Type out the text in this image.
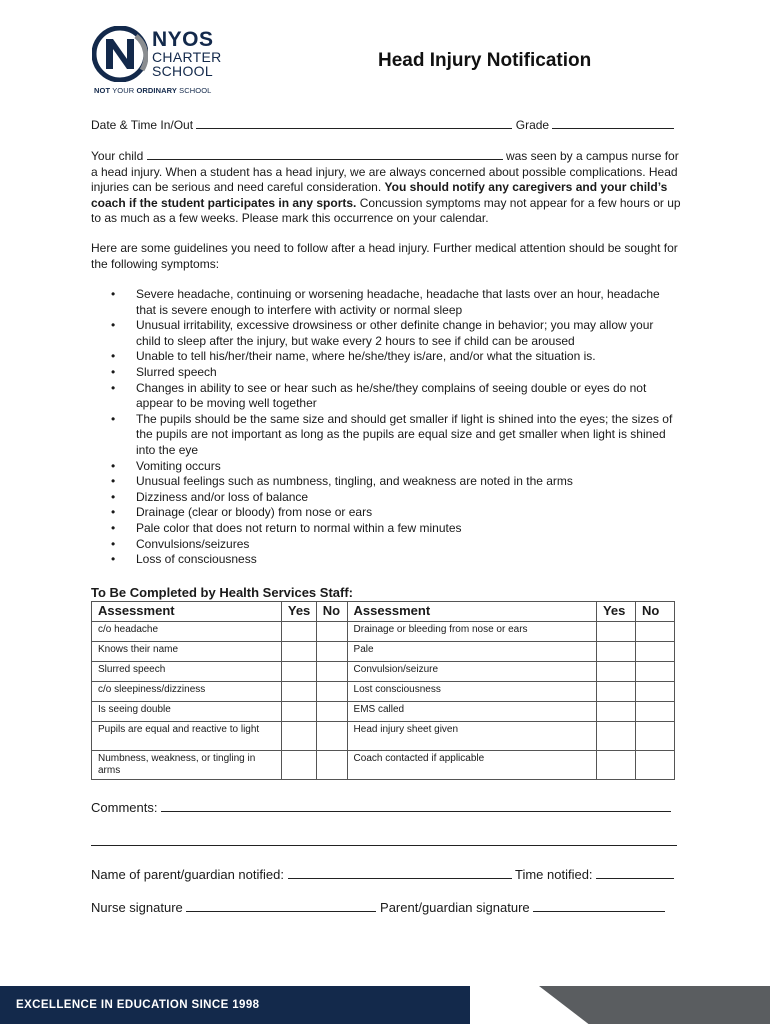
NYOS
CHARTER
SCHOOL
NOT YOUR ORDINARY SCHOOL
Head Injury Notification
Date & Time In/Out	Grade
Your child	was seen by a campus nurse for a head injury. When a student has a head injury, we are always concerned about possible complications. Head injuries can be serious and need careful consideration. You should notify any caregivers and your child’s coach if the student participates in any sports. Concussion symptoms may not appear for a few hours or up to as much as a few weeks. Please mark this occurrence on your calendar.
Here are some guidelines you need to follow after a head injury. Further medical attention should be sought for the following symptoms:
• Severe headache, continuing or worsening headache, headache that lasts over an hour, headache that is severe enough to interfere with activity or normal sleep
• Unusual irritability, excessive drowsiness or other definite change in behavior; you may allow your child to sleep after the injury, but wake every 2 hours to see if child can be aroused
• Unable to tell his/her/their name, where he/she/they is/are, and/or what the situation is.
• Slurred speech
• Changes in ability to see or hear such as he/she/they complains of seeing double or eyes do not appear to be moving well together
• The pupils should be the same size and should get smaller if light is shined into the eyes; the sizes of the pupils are not important as long as the pupils are equal size and get smaller when light is shined into the eye
• Vomiting occurs
• Unusual feelings such as numbness, tingling, and weakness are noted in the arms
• Dizziness and/or loss of balance
• Drainage (clear or bloody) from nose or ears
• Pale color that does not return to normal within a few minutes
• Convulsions/seizures
• Loss of consciousness
To Be Completed by Health Services Staff:
Assessment	Yes	No	Assessment	Yes	No
c/o headache			Drainage or bleeding from nose or ears		
Knows their name			Pale		
Slurred speech			Convulsion/seizure		
c/o sleepiness/dizziness			Lost consciousness		
Is seeing double			EMS called		
Pupils are equal and reactive to light			Head injury sheet given		
Numbness, weakness, or tingling in arms			Coach contacted if applicable		
Comments:
Name of parent/guardian notified:	Time notified:
Nurse signature	Parent/guardian signature
EXCELLENCE IN EDUCATION SINCE 1998
